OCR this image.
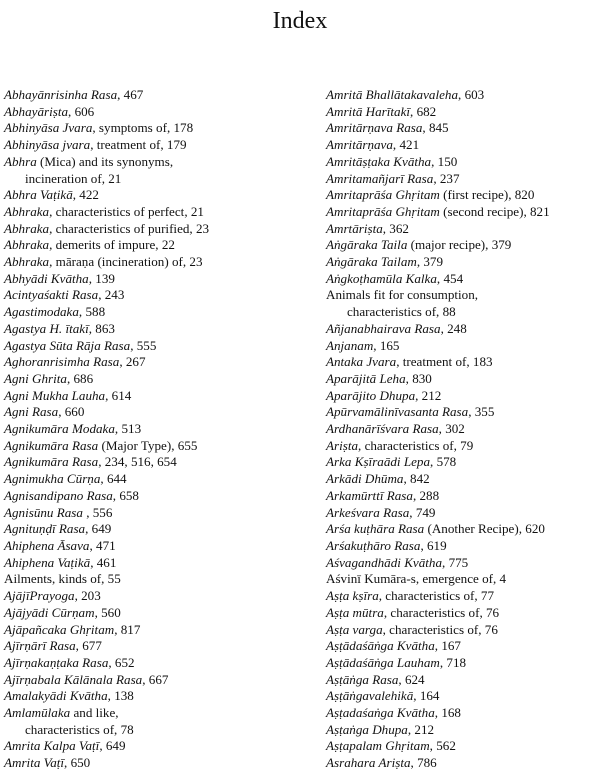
Index
Abhayānrisinha Rasa, 467
Abhayāriṣta, 606
Abhinyāsa Jvara, symptoms of, 178
Abhinyāsa jvara, treatment of, 179
Abhra (Mica) and its synonyms,
incineration of, 21
Abhra Vaṭikā, 422
Abhraka, characteristics of perfect, 21
Abhraka, characteristics of purified, 23
Abhraka, demerits of impure, 22
Abhraka, māraṇa (incineration) of, 23
Abhyādi Kvātha, 139
Acintyaśakti Rasa, 243
Agastimodaka, 588
Agastya H. ītakī, 863
Agastya Sūta Rāja Rasa, 555
Aghoranrisimha Rasa, 267
Agni Ghrita, 686
Agni Mukha Lauha, 614
Agni Rasa, 660
Agnikumāra Modaka, 513
Agnikumāra Rasa (Major Type), 655
Agnikumāra Rasa, 234, 516, 654
Agnimukha Cūrṇa, 644
Agnisandipano Rasa, 658
Agnisūnu Rasa , 556
Agnituṇḍī Rasa, 649
Ahiphena Āsava, 471
Ahiphena Vaṭikā, 461
Ailments, kinds of, 55
AjājīPrayoga, 203
Ajājyādi Cūrṇam, 560
Ajāpañcaka Ghṛitam, 817
Ajīrṇārī Rasa, 677
Ajīrṇakaṇṭaka Rasa, 652
Ajīrṇabala Kālānala Rasa, 667
Amalakyādi Kvātha, 138
Amlamūlaka and like,
characteristics of, 78
Amrita Kalpa Vaṭī, 649
Amrita Vaṭī, 650
Amritā Bhallātakavaleha, 603
Amritā Harītakī, 682
Amritārṇava Rasa, 845
Amritārṇava, 421
Amritāṣṭaka Kvātha, 150
Amritamañjarī Rasa, 237
Amritaprāśa Ghṛitam (first recipe), 820
Amritaprāśa Ghṛitam (second recipe), 821
Amrtāriṣta, 362
Aṅgāraka Taila (major recipe), 379
Aṅgāraka Tailam, 379
Aṅgkoṭhamūla Kalka, 454
Animals fit for consumption,
characteristics of, 88
Añjanabhairava Rasa, 248
Anjanam, 165
Antaka Jvara, treatment of, 183
Aparājitā Leha, 830
Aparājito Dhupa, 212
Apūrvamālinīvasanta Rasa, 355
Ardhanārīśvara Rasa, 302
Ariṣta, characteristics of, 79
Arka Kṣīraādi Lepa, 578
Arkādi Dhūma, 842
Arkamūrttī Rasa, 288
Arkeśvara Rasa, 749
Arśa kuṭhāra Rasa (Another Recipe), 620
Arśakuṭhāro Rasa, 619
Aśvagandhādi Kvātha, 775
Aśvinī Kumāra-s, emergence of, 4
Aṣṭa kṣīra, characteristics of, 77
Aṣṭa mūtra, characteristics of, 76
Aṣṭa varga, characteristics of, 76
Aṣṭādaśāṅga Kvātha, 167
Aṣṭādaśāṅga Lauham, 718
Aṣṭāṅga Rasa, 624
Aṣṭāṅgavalehikā, 164
Aṣṭadaśaṅga Kvātha, 168
Aṣṭaṅga Dhupa, 212
Aṣṭapalam Ghṛitam, 562
Asrahara Ariṣta, 786
